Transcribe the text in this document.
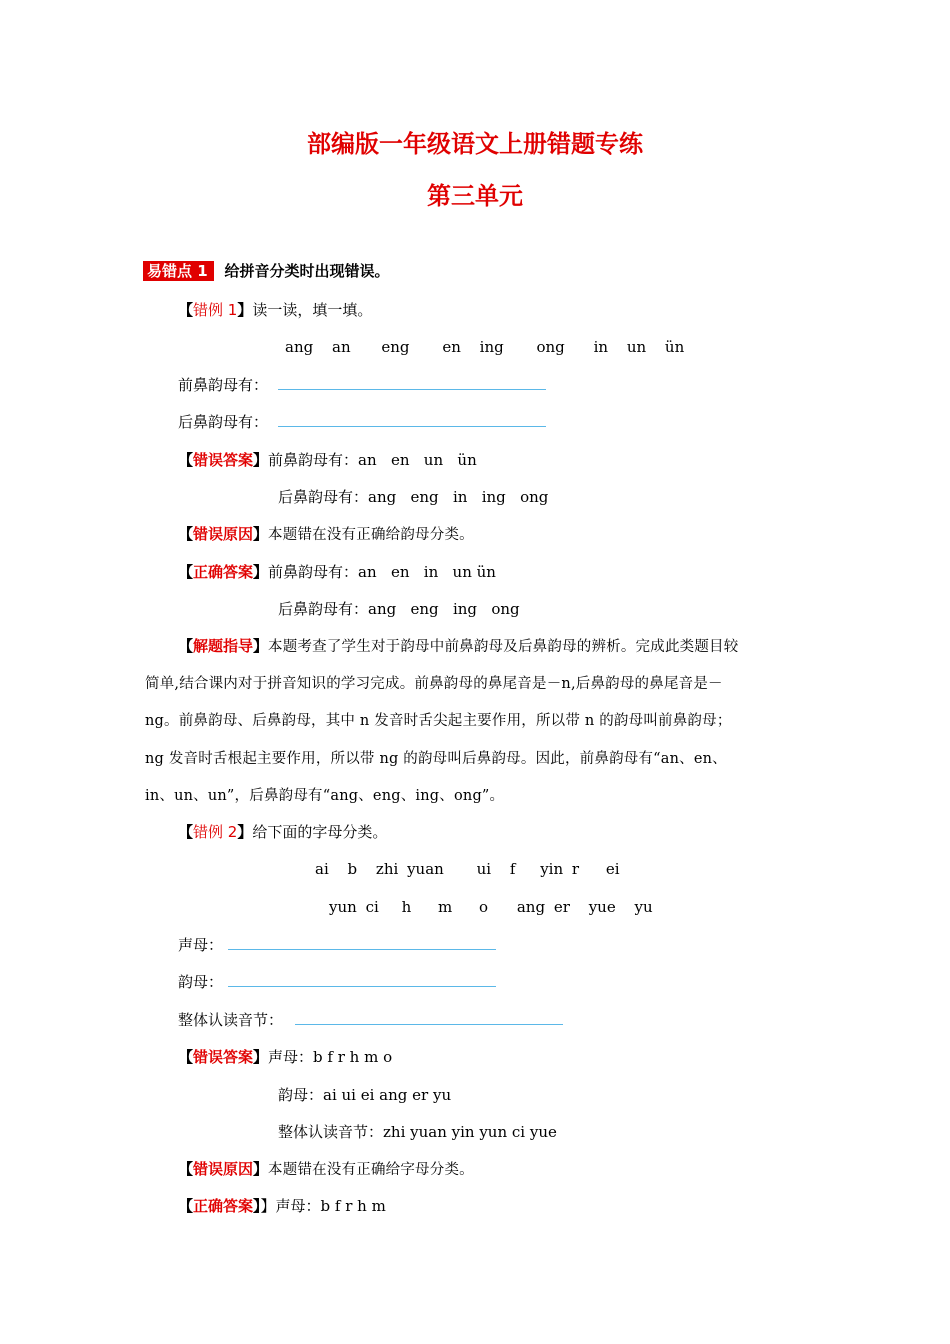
部编版一年级语文上册错题专练
第三单元
易错点 1 给拼音分类时出现错误。
【错例 1】读一读，填一填。
ang an eng en ing ong in un ün
前鼻韵母有：
后鼻韵母有：
【错误答案】前鼻韵母有：an   en   un   ün
后鼻韵母有：ang   eng   in   ing   ong
【错误原因】本题错在没有正确给韵母分类。
【正确答案】前鼻韵母有：an   en   in   un ün
后鼻韵母有：ang   eng   ing   ong
【解题指导】本题考查了学生对于韵母中前鼻韵母及后鼻韵母的辨析。完成此类题目较
简单,结合课内对于拼音知识的学习完成。前鼻韵母的鼻尾音是－n,后鼻韵母的鼻尾音是－
ng。前鼻韵母、后鼻韵母，其中 n 发音时舌尖起主要作用，所以带 n 的韵母叫前鼻韵母；
ng 发音时舌根起主要作用，所以带 ng 的韵母叫后鼻韵母。因此，前鼻韵母有“an、en、
in、un、un”，后鼻韵母有“ang、eng、ing、ong”。
【错例 2】给下面的字母分类。
ai b zhi yuan ui f yin r ei
yun ci h m o ang er yue yu
声母：
韵母：
整体认读音节：
【错误答案】声母：b f r h m o
韵母：ai ui ei ang er yu
整体认读音节：zhi yuan yin yun ci yue
【错误原因】本题错在没有正确给字母分类。
【正确答案】】声母：b f r h m
